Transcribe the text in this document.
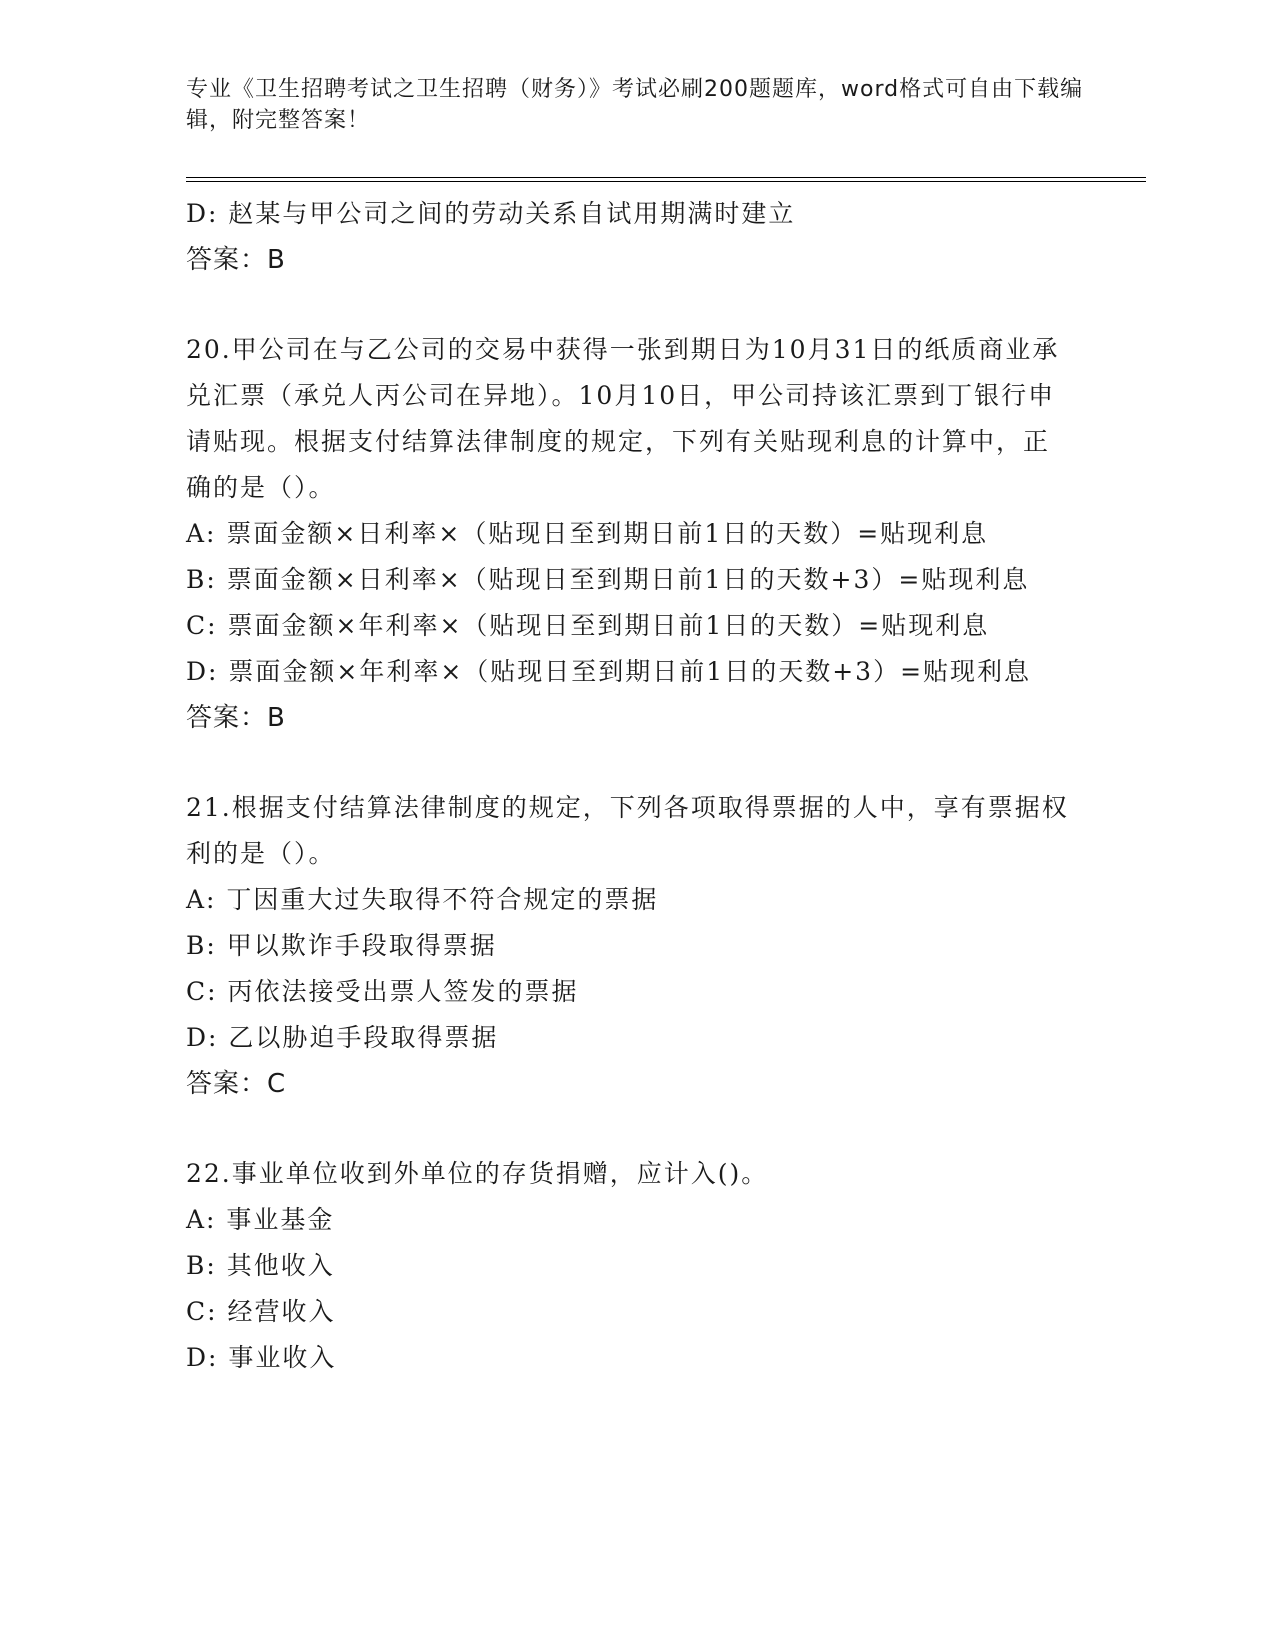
专业《卫生招聘考试之卫生招聘（财务）》考试必刷200题题库，word格式可自由下载编辑，附完整答案！
D: 赵某与甲公司之间的劳动关系自试用期满时建立
答案：B
20.甲公司在与乙公司的交易中获得一张到期日为10月31日的纸质商业承兑汇票（承兑人丙公司在异地）。10月10日，甲公司持该汇票到丁银行申请贴现。根据支付结算法律制度的规定，下列有关贴现利息的计算中，正确的是（）。
A: 票面金额×日利率×（贴现日至到期日前1日的天数）=贴现利息
B: 票面金额×日利率×（贴现日至到期日前1日的天数+3）=贴现利息
C: 票面金额×年利率×（贴现日至到期日前1日的天数）=贴现利息
D: 票面金额×年利率×（贴现日至到期日前1日的天数+3）=贴现利息
答案：B
21.根据支付结算法律制度的规定，下列各项取得票据的人中，享有票据权利的是（）。
A: 丁因重大过失取得不符合规定的票据
B: 甲以欺诈手段取得票据
C: 丙依法接受出票人签发的票据
D: 乙以胁迫手段取得票据
答案：C
22.事业单位收到外单位的存货捐赠，应计入()。
A: 事业基金
B: 其他收入
C: 经营收入
D: 事业收入
